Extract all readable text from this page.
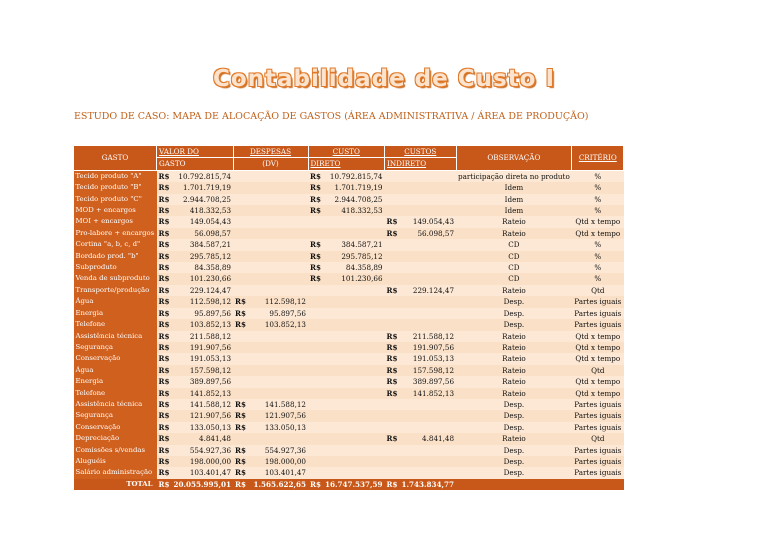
Contabilidade de Custo I
ESTUDO DE CASO: MAPA DE ALOCAÇÃO DE GASTOS (ÁREA ADMINISTRATIVA / ÁREA DE PRODUÇÃO)
GASTO	VALOR DO		DESPESAS		CUSTO		CUSTOS		OBSERVAÇÃO	CRITÉRIO
	GASTO		(DV)		DIRETO		INDIRETO			
Tecido produto "A"	R$	10.792.815,74			R$	10.792.815,74			participação direta no produto	%
Tecido produto "B"	R$	1.701.719,19			R$	1.701.719,19			Idem	%
Tecido produto "C"	R$	2.944.708,25			R$	2.944.708,25			Idem	%
MOD + encargos	R$	418.332,53			R$	418.332,53			Idem	%
MOI + encargos	R$	149.054,43					R$	149.054,43	Rateio	Qtd x tempo
Pro-labore + encargos	R$	56.098,57					R$	56.098,57	Rateio	Qtd x tempo
Cortina "a, b, c, d"	R$	384.587,21			R$	384.587,21			CD	%
Bordado prod. "b"	R$	295.785,12			R$	295.785,12			CD	%
Subproduto	R$	84.358,89			R$	84.358,89			CD	%
Venda de subproduto	R$	101.230,66			R$	101.230,66			CD	%
Transporte/produção	R$	229.124,47					R$	229.124,47	Rateio	Qtd
Água	R$	112.598,12	R$	112.598,12					Desp.	Partes iguais
Energia	R$	95.897,56	R$	95.897,56					Desp.	Partes iguais
Telefone	R$	103.852,13	R$	103.852,13					Desp.	Partes iguais
Assistência técnica	R$	211.588,12					R$	211.588,12	Rateio	Qtd x tempo
Segurança	R$	191.907,56					R$	191.907,56	Rateio	Qtd x tempo
Conservação	R$	191.053,13					R$	191.053,13	Rateio	Qtd x tempo
Água	R$	157.598,12					R$	157.598,12	Rateio	Qtd
Energia	R$	389.897,56					R$	389.897,56	Rateio	Qtd x tempo
Telefone	R$	141.852,13					R$	141.852,13	Rateio	Qtd x tempo
Assistência técnica	R$	141.588,12	R$	141.588,12					Desp.	Partes iguais
Segurança	R$	121.907,56	R$	121.907,56					Desp.	Partes iguais
Conservação	R$	133.050,13	R$	133.050,13					Desp.	Partes iguais
Depreciação	R$	4.841,48					R$	4.841,48	Rateio	Qtd
Comissões s/vendas	R$	554.927,36	R$	554.927,36					Desp.	Partes iguais
Aluguéis	R$	198.000,00	R$	198.000,00					Desp.	Partes iguais
Salário administração	R$	103.401,47	R$	103.401,47					Desp.	Partes iguais
TOTAL	R$	20.055.995,01	R$	1.565.622,65	R$	16.747.537,59	R$	1.743.834,77		
